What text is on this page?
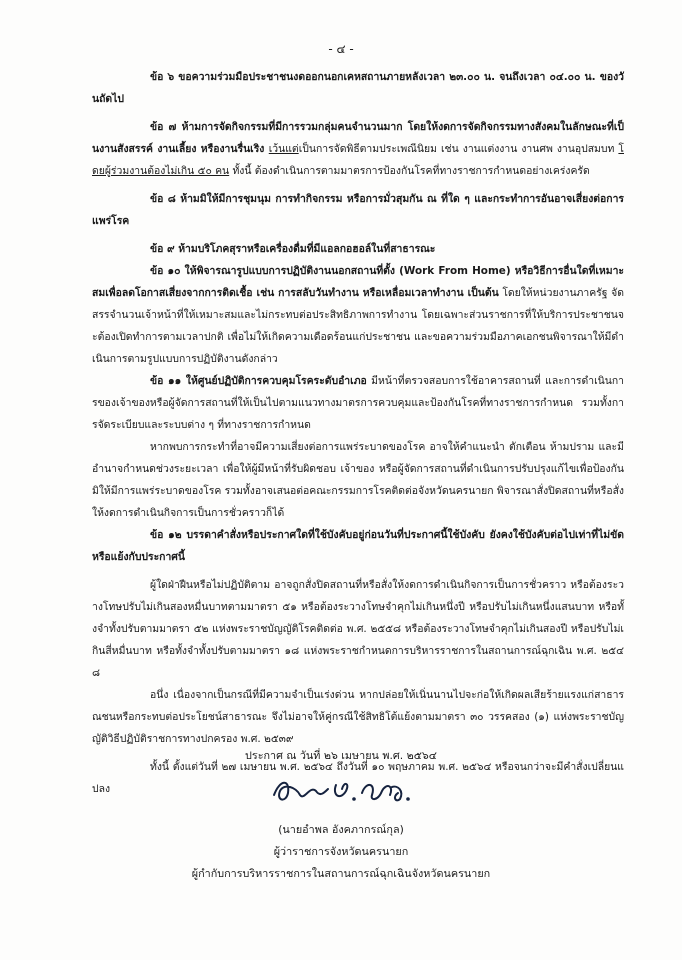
- ๔ -

ข้อ ๖ ขอความร่วมมือประชาชนงดออกนอกเคหสถานภายหลังเวลา ๒๓.๐๐ น. จนถึงเวลา ๐๔.๐๐ น. ของวันถัดไป

ข้อ ๗ ห้ามการจัดกิจกรรมที่มีการรวมกลุ่มคนจำนวนมาก โดยให้งดการจัดกิจกรรมทางสังคมในลักษณะที่เป็นงานสังสรรค์ งานเลี้ยง หรืองานรื่นเริง เว้นแต่เป็นการจัดพิธีตามประเพณีนิยม เช่น งานแต่งงาน งานศพ งานอุปสมบท โดยผู้ร่วมงานต้องไม่เกิน ๕๐ คน ทั้งนี้ ต้องดำเนินการตามมาตรการป้องกันโรคที่ทางราชการกำหนดอย่างเคร่งครัด

ข้อ ๘ ห้ามมิให้มีการชุมนุม การทำกิจกรรม หรือการมั่วสุมกัน ณ ที่ใด ๆ และกระทำการอันอาจเสี่ยงต่อการแพร่โรค

ข้อ ๙ ห้ามบริโภคสุราหรือเครื่องดื่มที่มีแอลกอฮอล์ในที่สาธารณะ

ข้อ ๑๐ ให้พิจารณารูปแบบการปฏิบัติงานนอกสถานที่ตั้ง (Work From Home) หรือวิธีการอื่นใดที่เหมาะสมเพื่อลดโอกาสเสี่ยงจากการติดเชื้อ เช่น การสลับวันทำงาน หรือเหลื่อมเวลาทำงาน เป็นต้น โดยให้หน่วยงานภาครัฐ จัดสรรจำนวนเจ้าหน้าที่ให้เหมาะสมและไม่กระทบต่อประสิทธิภาพการทำงาน โดยเฉพาะส่วนราชการที่ให้บริการประชาชนจะต้องเปิดทำการตามเวลาปกติ เพื่อไม่ให้เกิดความเดือดร้อนแก่ประชาชน และขอความร่วมมือภาคเอกชนพิจารณาให้มีดำเนินการตามรูปแบบการปฏิบัติงานดังกล่าว

ข้อ ๑๑ ให้ศูนย์ปฏิบัติการควบคุมโรคระดับอำเภอ มีหน้าที่ตรวจสอบการใช้อาคารสถานที่ และการดำเนินการของเจ้าของหรือผู้จัดการสถานที่ให้เป็นไปตามแนวทางมาตรการควบคุมและป้องกันโรคที่ทางราชการกำหนด รวมทั้งการจัดระเบียบและระบบต่าง ๆ ที่ทางราชการกำหนด

หากพบการกระทำที่อาจมีความเสี่ยงต่อการแพร่ระบาดของโรค อาจให้คำแนะนำ ตักเตือน ห้ามปราม และมีอำนาจกำหนดช่วงระยะเวลา เพื่อให้ผู้มีหน้าที่รับผิดชอบ เจ้าของ หรือผู้จัดการสถานที่ดำเนินการปรับปรุงแก้ไขเพื่อป้องกันมิให้มีการแพร่ระบาดของโรค รวมทั้งอาจเสนอต่อคณะกรรมการโรคติดต่อจังหวัดนครนายก พิจารณาสั่งปิดสถานที่หรือสั่งให้งดการดำเนินกิจการเป็นการชั่วคราวก็ได้

ข้อ ๑๒ บรรดาคำสั่งหรือประกาศใดที่ใช้บังคับอยู่ก่อนวันที่ประกาศนี้ใช้บังคับ ยังคงใช้บังคับต่อไปเท่าที่ไม่ขัดหรือแย้งกับประกาศนี้

ผู้ใดฝ่าฝืนหรือไม่ปฏิบัติตาม อาจถูกสั่งปิดสถานที่หรือสั่งให้งดการดำเนินกิจการเป็นการชั่วคราว หรือต้องระวางโทษปรับไม่เกินสองหมื่นบาทตามมาตรา ๕๑ หรือต้องระวางโทษจำคุกไม่เกินหนึ่งปี หรือปรับไม่เกินหนึ่งแสนบาท หรือทั้งจำทั้งปรับตามมาตรา ๕๒ แห่งพระราชบัญญัติโรคติดต่อ พ.ศ. ๒๕๕๘ หรือต้องระวางโทษจำคุกไม่เกินสองปี หรือปรับไม่เกินสี่หมื่นบาท หรือทั้งจำทั้งปรับตามมาตรา ๑๘ แห่งพระราชกำหนดการบริหารราชการในสถานการณ์ฉุกเฉิน พ.ศ. ๒๕๔๘

อนึ่ง เนื่องจากเป็นกรณีที่มีความจำเป็นเร่งด่วน หากปล่อยให้เนิ่นนานไปจะก่อให้เกิดผลเสียร้ายแรงแก่สาธารณชนหรือกระทบต่อประโยชน์สาธารณะ จึงไม่อาจให้คู่กรณีใช้สิทธิโต้แย้งตามมาตรา ๓๐ วรรคสอง (๑) แห่งพระราชบัญญัติวิธีปฏิบัติราชการทางปกครอง พ.ศ. ๒๕๓๙

ทั้งนี้ ตั้งแต่วันที่ ๒๗ เมษายน พ.ศ. ๒๕๖๔ ถึงวันที่ ๑๐ พฤษภาคม พ.ศ. ๒๕๖๔ หรือจนกว่าจะมีคำสั่งเปลี่ยนแปลง

ประกาศ ณ วันที่ ๒๖ เมษายน พ.ศ. ๒๕๖๔
(นายอำพล อังคภากรณ์กุล)
ผู้ว่าราชการจังหวัดนครนายก
ผู้กำกับการบริหารราชการในสถานการณ์ฉุกเฉินจังหวัดนครนายก
